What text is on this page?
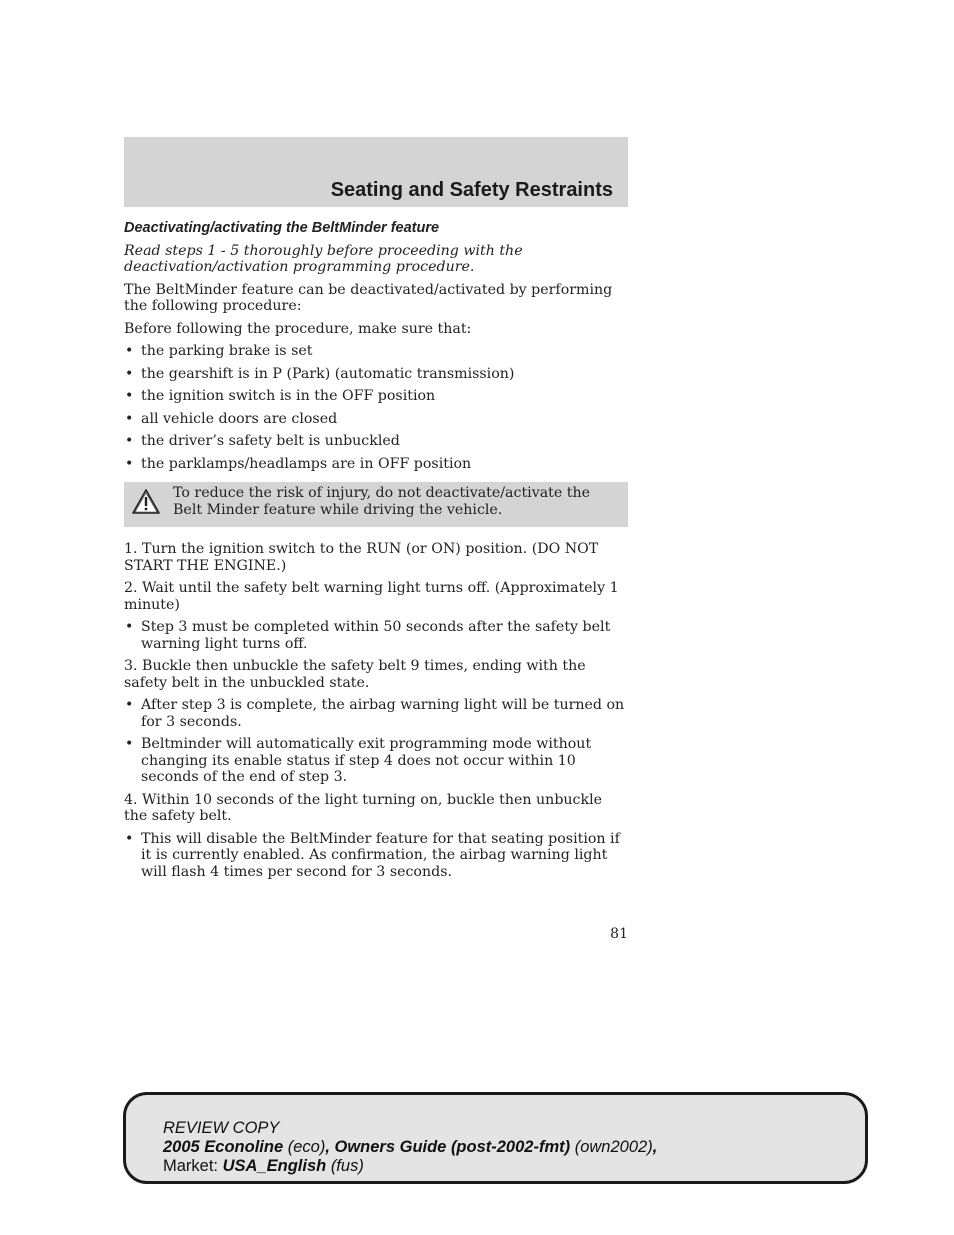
Seating and Safety Restraints
Deactivating/activating the BeltMinder feature

Read steps 1 - 5 thoroughly before proceeding with the deactivation/activation programming procedure.

The BeltMinder feature can be deactivated/activated by performing the following procedure:

Before following the procedure, make sure that:

• the parking brake is set
• the gearshift is in P (Park) (automatic transmission)
• the ignition switch is in the OFF position
• all vehicle doors are closed
• the driver’s safety belt is unbuckled
• the parklamps/headlamps are in OFF position
To reduce the risk of injury, do not deactivate/activate the Belt Minder feature while driving the vehicle.

1. Turn the ignition switch to the RUN (or ON) position. (DO NOT START THE ENGINE.)

2. Wait until the safety belt warning light turns off. (Approximately 1 minute)

• Step 3 must be completed within 50 seconds after the safety belt warning light turns off.

3. Buckle then unbuckle the safety belt 9 times, ending with the safety belt in the unbuckled state.

• After step 3 is complete, the airbag warning light will be turned on for 3 seconds.
• Beltminder will automatically exit programming mode without changing its enable status if step 4 does not occur within 10 seconds of the end of step 3.

4. Within 10 seconds of the light turning on, buckle then unbuckle the safety belt.

• This will disable the BeltMinder feature for that seating position if it is currently enabled. As confirmation, the airbag warning light will flash 4 times per second for 3 seconds.
81
REVIEW COPY
2005 Econoline (eco), Owners Guide (post-2002-fmt) (own2002),
Market: USA_English (fus)
